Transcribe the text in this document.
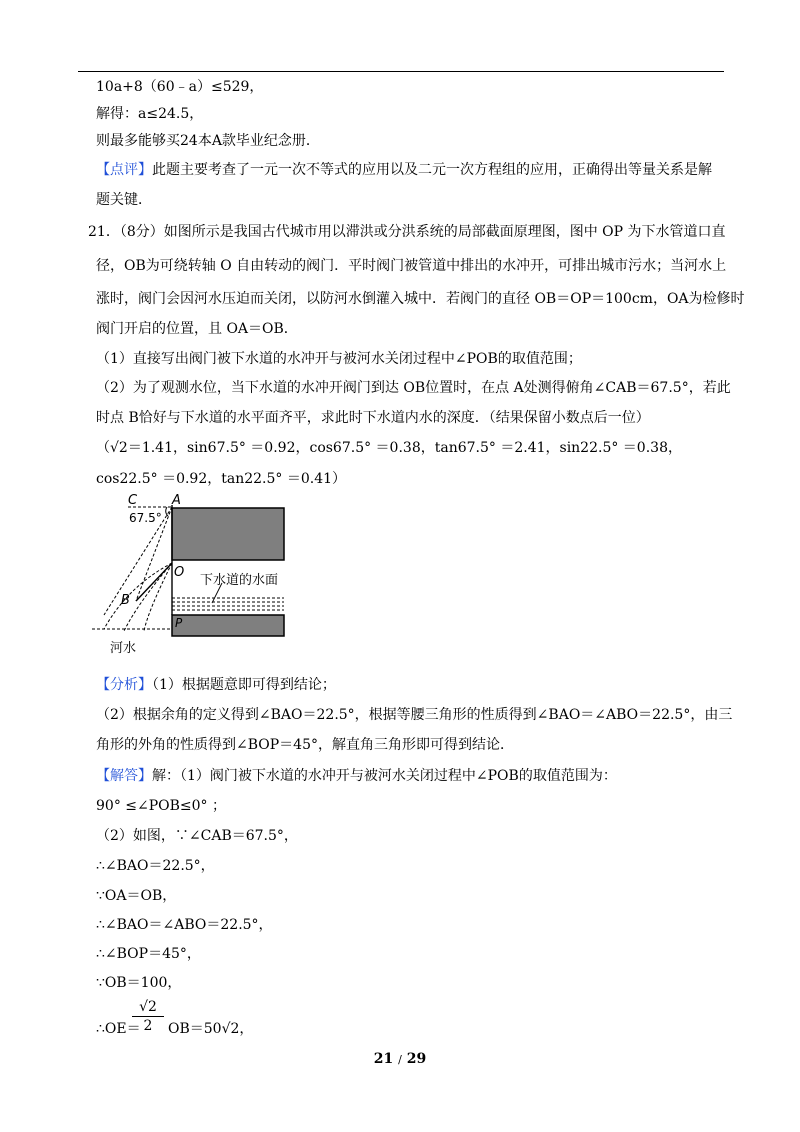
10a+8（60﹣a）≤529，
解得：a≤24.5，
则最多能够买24本A款毕业纪念册．
【点评】此题主要考查了一元一次不等式的应用以及二元一次方程组的应用，正确得出等量关系是解
题关键．
21．（8分）如图所示是我国古代城市用以滞洪或分洪系统的局部截面原理图，图中 OP 为下水管道口直
径，OB为可绕转轴 O 自由转动的阀门．平时阀门被管道中排出的水冲开，可排出城市污水；当河水上
涨时，阀门会因河水压迫而关闭，以防河水倒灌入城中．若阀门的直径 OB＝OP＝100cm，OA为检修时
阀门开启的位置，且 OA＝OB．
（1）直接写出阀门被下水道的水冲开与被河水关闭过程中∠POB的取值范围；
（2）为了观测水位，当下水道的水冲开阀门到达 OB位置时，在点 A处测得俯角∠CAB＝67.5°，若此
时点 B恰好与下水道的水平面齐平，求此时下水道内水的深度．（结果保留小数点后一位）
（√2＝1.41，sin67.5° ＝0.92，cos67.5° ＝0.38，tan67.5° ＝2.41，sin22.5° ＝0.38，
cos22.5° ＝0.92，tan22.5° ＝0.41）
C	A
67.5°
O
B
P
下水道的水面
河水
【分析】（1）根据题意即可得到结论；
（2）根据余角的定义得到∠BAO＝22.5°，根据等腰三角形的性质得到∠BAO＝∠ABO＝22.5°，由三
角形的外角的性质得到∠BOP＝45°，解直角三角形即可得到结论．
【解答】解：（1）阀门被下水道的水冲开与被河水关闭过程中∠POB的取值范围为：
90° ≤∠POB≤0° ；
（2）如图，∵∠CAB＝67.5°，
∴∠BAO＝22.5°，
∵OA＝OB，
∴∠BAO＝∠ABO＝22.5°，
∴∠BOP＝45°，
∵OB＝100，
∴OE＝
$\frac{√2}{2} OB=50√2$，
21 / 29
